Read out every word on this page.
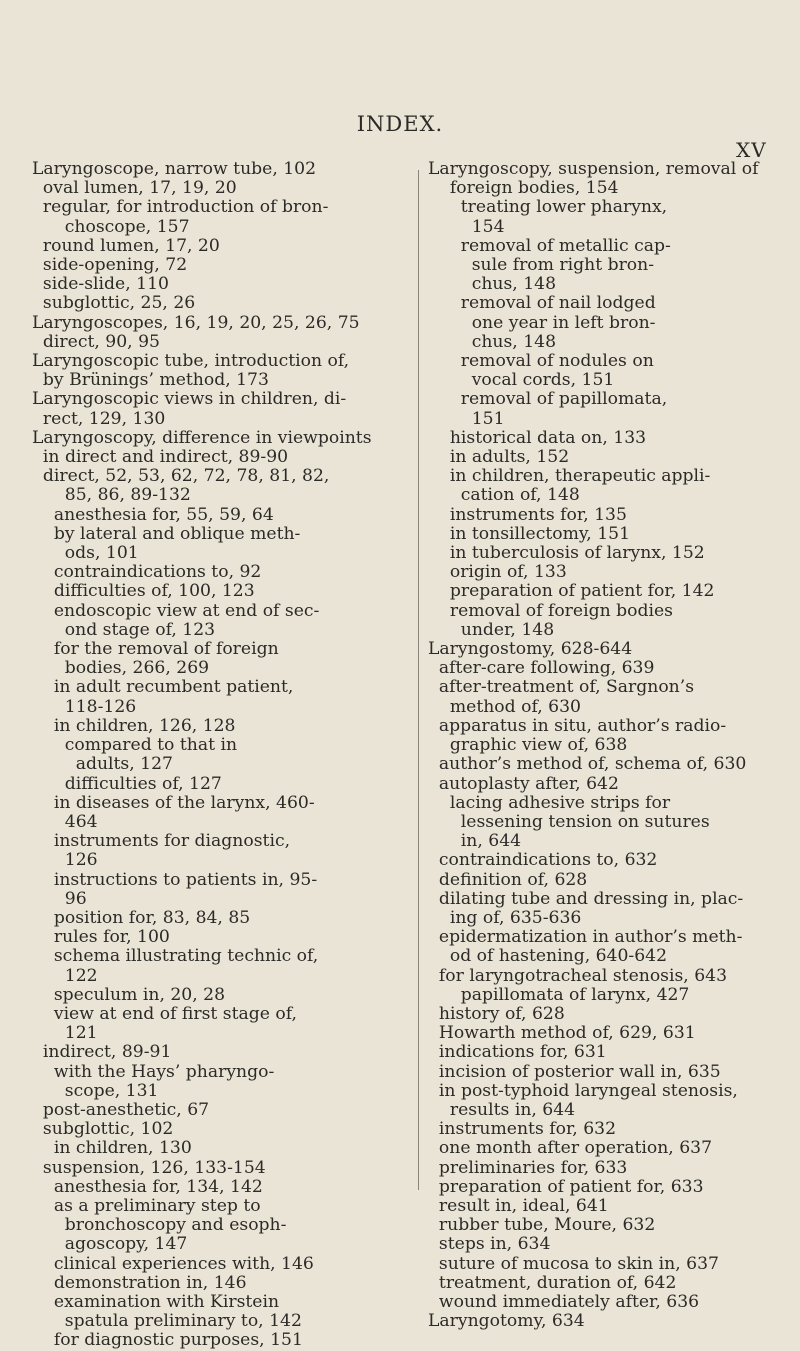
INDEX.
XV
Laryngoscope, narrow tube, 102
oval lumen, 17, 19, 20
regular, for introduction of bron-
choscope, 157
round lumen, 17, 20
side-opening, 72
side-slide, 110
subglottic, 25, 26
Laryngoscopes, 16, 19, 20, 25, 26, 75
direct, 90, 95
Laryngoscopic tube, introduction of,
by Brünings’ method, 173
Laryngoscopic views in children, di-
rect, 129, 130
Laryngoscopy, difference in viewpoints
in direct and indirect, 89-90
direct, 52, 53, 62, 72, 78, 81, 82,
85, 86, 89-132
anesthesia for, 55, 59, 64
by lateral and oblique meth-
ods, 101
contraindications to, 92
difficulties of, 100, 123
endoscopic view at end of sec-
ond stage of, 123
for the removal of foreign
bodies, 266, 269
in adult recumbent patient,
118-126
in children, 126, 128
compared to that in
adults, 127
difficulties of, 127
in diseases of the larynx, 460-
464
instruments for diagnostic,
126
instructions to patients in, 95-
96
position for, 83, 84, 85
rules for, 100
schema illustrating technic of,
122
speculum in, 20, 28
view at end of first stage of,
121
indirect, 89-91
with the Hays’ pharyngo-
scope, 131
post-anesthetic, 67
subglottic, 102
in children, 130
suspension, 126, 133-154
anesthesia for, 134, 142
as a preliminary step to
bronchoscopy and esoph-
agoscopy, 147
clinical experiences with, 146
demonstration in, 146
examination with Kirstein
spatula preliminary to, 142
for diagnostic purposes, 151
Laryngoscopy, suspension, removal of
foreign bodies, 154
treating lower pharynx,
154
removal of metallic cap-
sule from right bron-
chus, 148
removal of nail lodged
one year in left bron-
chus, 148
removal of nodules on
vocal cords, 151
removal of papillomata,
151
historical data on, 133
in adults, 152
in children, therapeutic appli-
cation of, 148
instruments for, 135
in tonsillectomy, 151
in tuberculosis of larynx, 152
origin of, 133
preparation of patient for, 142
removal of foreign bodies
under, 148
Laryngostomy, 628-644
after-care following, 639
after-treatment of, Sargnon’s
method of, 630
apparatus in situ, author’s radio-
graphic view of, 638
author’s method of, schema of, 630
autoplasty after, 642
lacing adhesive strips for
lessening tension on sutures
in, 644
contraindications to, 632
definition of, 628
dilating tube and dressing in, plac-
ing of, 635-636
epidermatization in author’s meth-
od of hastening, 640-642
for laryngotracheal stenosis, 643
papillomata of larynx, 427
history of, 628
Howarth method of, 629, 631
indications for, 631
incision of posterior wall in, 635
in post-typhoid laryngeal stenosis,
results in, 644
instruments for, 632
one month after operation, 637
preliminaries for, 633
preparation of patient for, 633
result in, ideal, 641
rubber tube, Moure, 632
steps in, 634
suture of mucosa to skin in, 637
treatment, duration of, 642
wound immediately after, 636
Laryngotomy, 634
